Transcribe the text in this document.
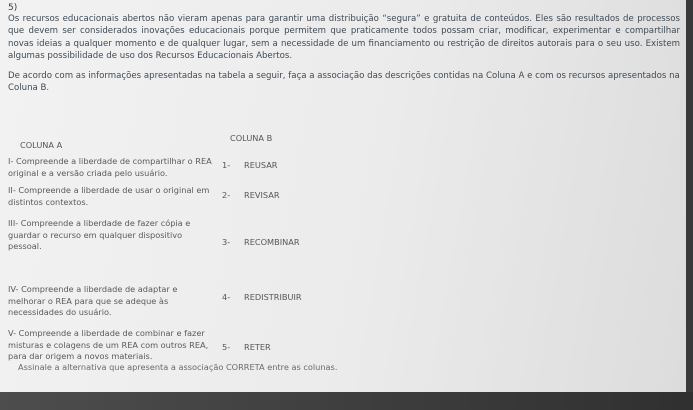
5)
Os recursos educacionais abertos não vieram apenas para garantir uma distribuição “segura” e gratuita de conteúdos. Eles são resultados de processos que devem ser considerados inovações educacionais porque permitem que praticamente todos possam criar, modificar, experimentar e compartilhar novas ideias a qualquer momento e de qualquer lugar, sem a necessidade de um financiamento ou restrição de direitos autorais para o seu uso. Existem algumas possibilidade de uso dos Recursos Educacionais Abertos.
De acordo com as informações apresentadas na tabela a seguir, faça a associação das descrições contidas na Coluna A e com os recursos apresentados na Coluna B.
COLUNA A
COLUNA B
I- Compreende a liberdade de compartilhar o REA original e a versão criada pelo usuário.
II- Compreende a liberdade de usar o original em distintos contextos.
III- Compreende a liberdade de fazer cópia e guardar o recurso em qualquer dispositivo pessoal.
IV- Compreende a liberdade de adaptar e melhorar o REA para que se adeque às necessidades do usuário.
V- Compreende a liberdade de combinar e fazer misturas e colagens de um REA com outros REA, para dar origem a novos materiais.
1- REUSAR
2- REVISAR
3- RECOMBINAR
4- REDISTRIBUIR
5- RETER
Assinale a alternativa que apresenta a associação CORRETA entre as colunas.
